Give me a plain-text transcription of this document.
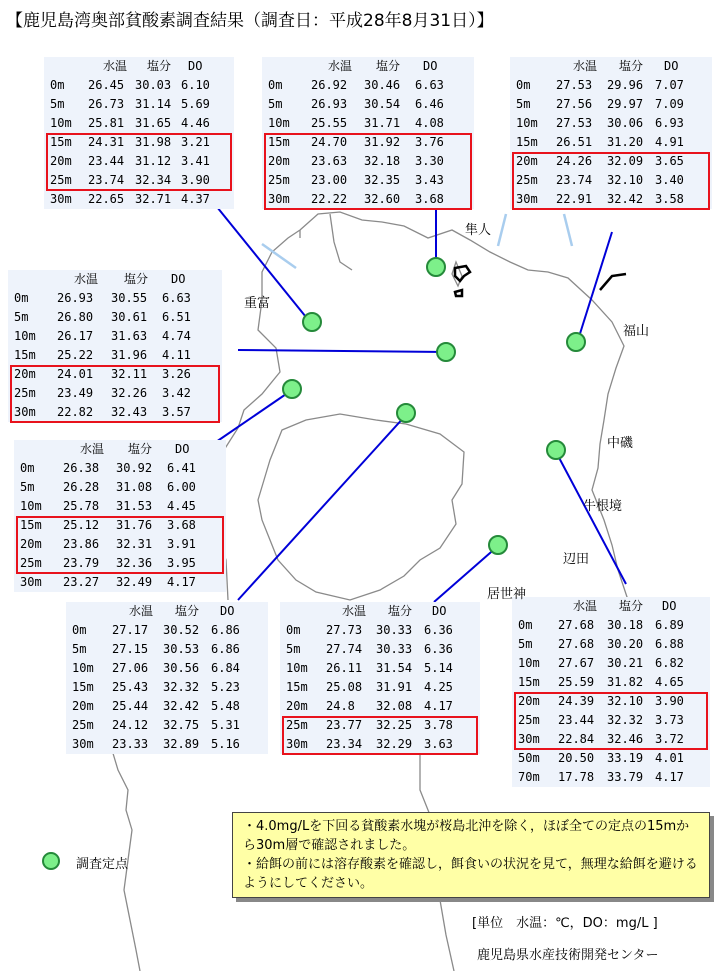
【鹿児島湾奥部貧酸素調査結果（調査日：平成28年8月31日）】
水温 塩分 DO
0m 26.45 30.03 6.10
5m 26.73 31.14 5.69
10m 25.81 31.65 4.46
15m 24.31 31.98 3.21
20m 23.44 31.12 3.41
25m 23.74 32.34 3.90
30m 22.65 32.71 4.37
水温 塩分 DO
0m 26.92 30.46 6.63
5m 26.93 30.54 6.46
10m 25.55 31.71 4.08
15m 24.70 31.92 3.76
20m 23.63 32.18 3.30
25m 23.00 32.35 3.43
30m 22.22 32.60 3.68
水温 塩分 DO
0m 27.53 29.96 7.07
5m 27.56 29.97 7.09
10m 27.53 30.06 6.93
15m 26.51 31.20 4.91
20m 24.26 32.09 3.65
25m 23.74 32.10 3.40
30m 22.91 32.42 3.58
水温 塩分 DO
0m 26.93 30.55 6.63
5m 26.80 30.61 6.51
10m 26.17 31.63 4.74
15m 25.22 31.96 4.11
20m 24.01 32.11 3.26
25m 23.49 32.26 3.42
30m 22.82 32.43 3.57
水温 塩分 DO
0m 26.38 30.92 6.41
5m 26.28 31.08 6.00
10m 25.78 31.53 4.45
15m 25.12 31.76 3.68
20m 23.86 32.31 3.91
25m 23.79 32.36 3.95
30m 23.27 32.49 4.17
水温 塩分 DO
0m 27.17 30.52 6.86
5m 27.15 30.53 6.86
10m 27.06 30.56 6.84
15m 25.43 32.32 5.23
20m 25.44 32.42 5.48
25m 24.12 32.75 5.31
30m 23.33 32.89 5.16
水温 塩分 DO
0m 27.73 30.33 6.36
5m 27.74 30.33 6.36
10m 26.11 31.54 5.14
15m 25.08 31.91 4.25
20m 24.8 32.08 4.17
25m 23.77 32.25 3.78
30m 23.34 32.29 3.63
水温 塩分 DO
0m 27.68 30.18 6.89
5m 27.68 30.20 6.88
10m 27.67 30.21 6.82
15m 25.59 31.82 4.65
20m 24.39 32.10 3.90
25m 23.44 32.32 3.73
30m 22.84 32.46 3.72
50m 20.50 33.19 4.01
70m 17.78 33.79 4.17
隼人
重富
福山
中磯
牛根境
辺田
居世神
調査定点

・4.0mg/Lを下回る貧酸素水塊が桜島北沖を除く，ほぼ全ての定点の15mから30m層で確認されました。

・給餌の前には溶存酸素を確認し，餌食いの状況を見て，無理な給餌を避けるようにしてください。

[単位　水温：℃，DO：mg/L ]
鹿児島県水産技術開発センター
